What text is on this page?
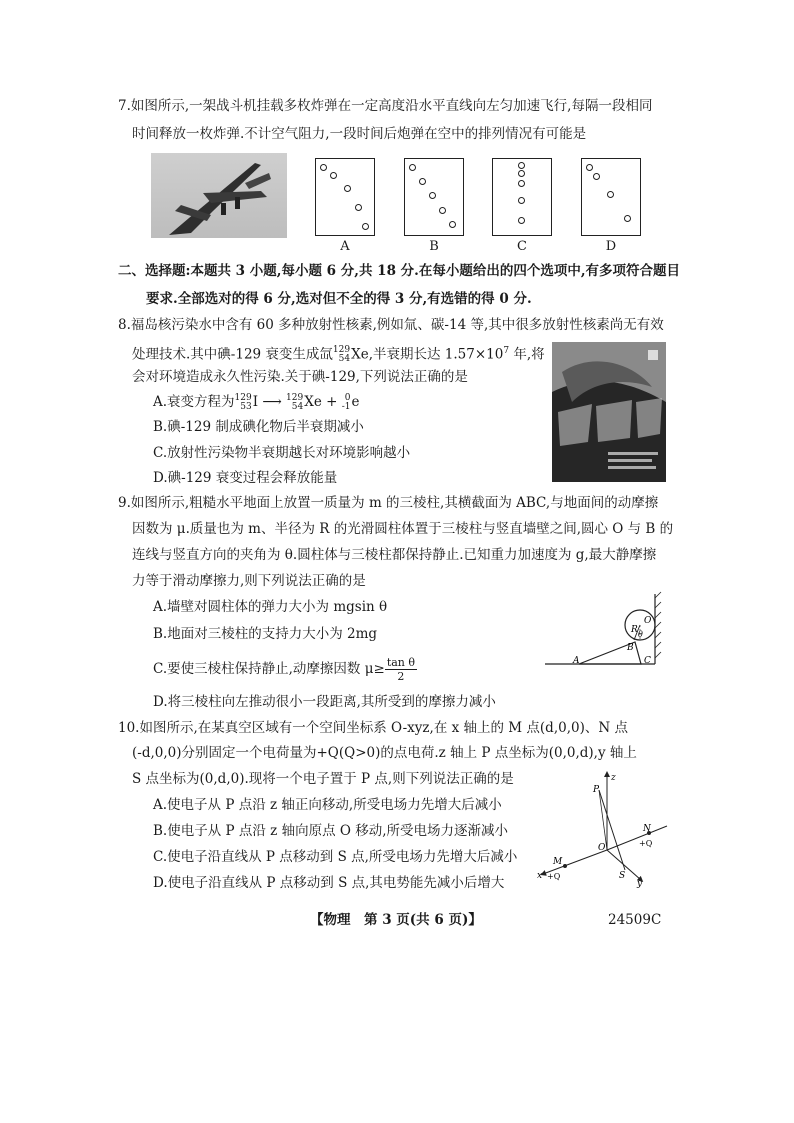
7.如图所示,一架战斗机挂载多枚炸弹在一定高度沿水平直线向左匀加速飞行,每隔一段相同
时间释放一枚炸弹.不计空气阻力,一段时间后炮弹在空中的排列情况有可能是
A	B	C	D
二、选择题:本题共 3 小题,每小题 6 分,共 18 分.在每小题给出的四个选项中,有多项符合题目
要求.全部选对的得 6 分,选对但不全的得 3 分,有选错的得 0 分.
8.福岛核污染水中含有 60 多种放射性核素,例如氚、碳-14 等,其中很多放射性核素尚无有效
处理技术.其中碘-129 衰变生成氙129
54Xe,半衰期长达 $1.57\times 10^7$ 年,将
会对环境造成永久性污染.关于碘-129,下列说法正确的是
A.衰变方程为129
53I ⟶ 129
54Xe + 0
-1e
B.碘-129 制成碘化物后半衰期减小
C.放射性污染物半衰期越长对环境影响越小
D.碘-129 衰变过程会释放能量
9.如图所示,粗糙水平地面上放置一质量为 m 的三棱柱,其横截面为 ABC,与地面间的动摩擦
因数为 μ.质量也为 m、半径为 R 的光滑圆柱体置于三棱柱与竖直墙壁之间,圆心 O 与 B 的
连线与竖直方向的夹角为 θ.圆柱体与三棱柱都保持静止.已知重力加速度为 g,最大静摩擦
力等于滑动摩擦力,则下列说法正确的是
A.墙壁对圆柱体的弹力大小为 mgsin θ
B.地面对三棱柱的支持力大小为 2mg
C.要使三棱柱保持静止,动摩擦因数 $\mu\ge \frac{\text{tan θ}}{2}$
D.将三棱柱向左推动很小一段距离,其所受到的摩擦力减小
R
O
θ
B
A	C
10.如图所示,在某真空区域有一个空间坐标系 O-xyz,在 x 轴上的 M 点(d,0,0)、N 点
(-d,0,0)分别固定一个电荷量为+Q(Q>0)的点电荷.z 轴上 P 点坐标为(0,0,d),y 轴上
S 点坐标为(0,d,0).现将一个电子置于 P 点,则下列说法正确的是
A.使电子从 P 点沿 z 轴正向移动,所受电场力先增大后减小
B.使电子从 P 点沿 z 轴向原点 O 移动,所受电场力逐渐减小
C.使电子沿直线从 P 点移动到 S 点,所受电场力先增大后减小
D.使电子沿直线从 P 点移动到 S 点,其电势能先减小后增大
z
P
O
S
y
M
x +Q
N
+Q
【物理　第 3 页(共 6 页)】	24509C
